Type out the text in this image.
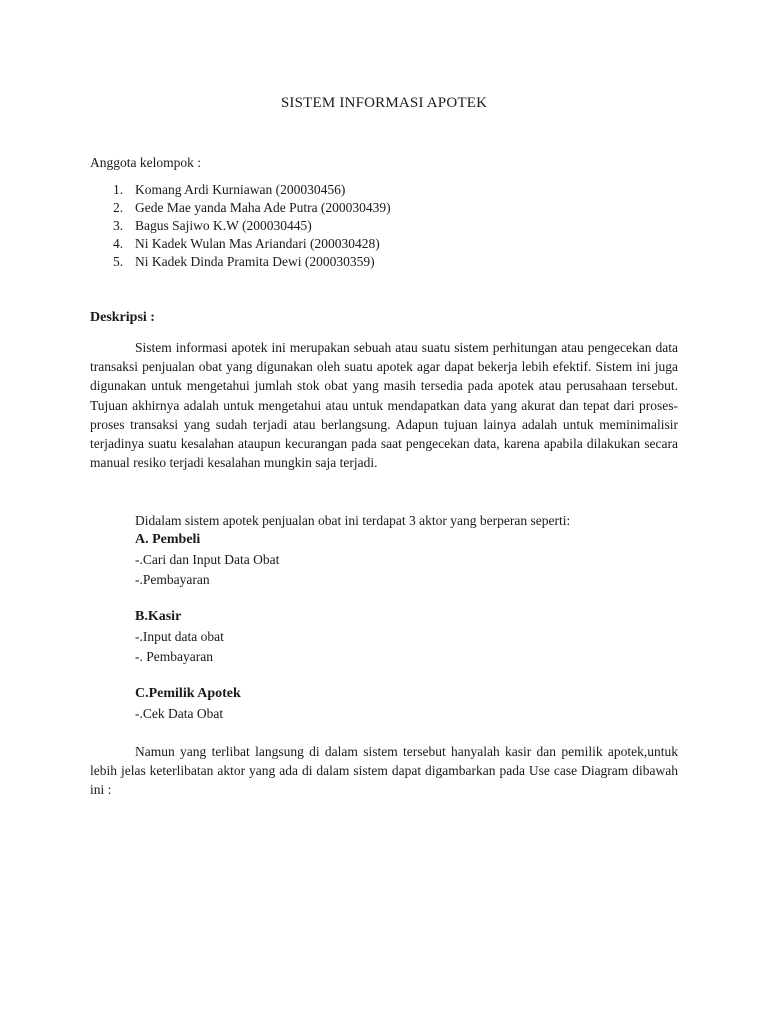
SISTEM INFORMASI APOTEK
Anggota kelompok :
1. Komang Ardi Kurniawan (200030456)
2. Gede Mae yanda Maha Ade Putra (200030439)
3. Bagus Sajiwo K.W (200030445)
4. Ni Kadek Wulan Mas Ariandari (200030428)
5. Ni Kadek Dinda Pramita Dewi (200030359)
Deskripsi :

Sistem informasi apotek ini merupakan sebuah atau suatu sistem perhitungan atau pengecekan data transaksi penjualan obat yang digunakan oleh suatu apotek agar dapat bekerja lebih efektif. Sistem ini juga digunakan untuk mengetahui jumlah stok obat yang masih tersedia pada apotek atau perusahaan tersebut. Tujuan akhirnya adalah untuk mengetahui atau untuk mendapatkan data yang akurat dan tepat dari proses-proses transaksi yang sudah terjadi atau berlangsung. Adapun tujuan lainya adalah untuk meminimalisir terjadinya suatu kesalahan ataupun kecurangan pada saat pengecekan data, karena apabila dilakukan secara manual resiko terjadi kesalahan mungkin saja terjadi.

Didalam sistem apotek penjualan obat ini terdapat 3 aktor yang berperan seperti:
A. Pembeli
-.Cari dan Input Data Obat
-.Pembayaran
B.Kasir
-.Input data obat
-. Pembayaran
C.Pemilik Apotek
-.Cek Data Obat

Namun yang terlibat langsung di dalam sistem tersebut hanyalah kasir dan pemilik apotek,untuk lebih jelas keterlibatan aktor yang ada di dalam sistem dapat digambarkan pada Use case Diagram dibawah ini :
